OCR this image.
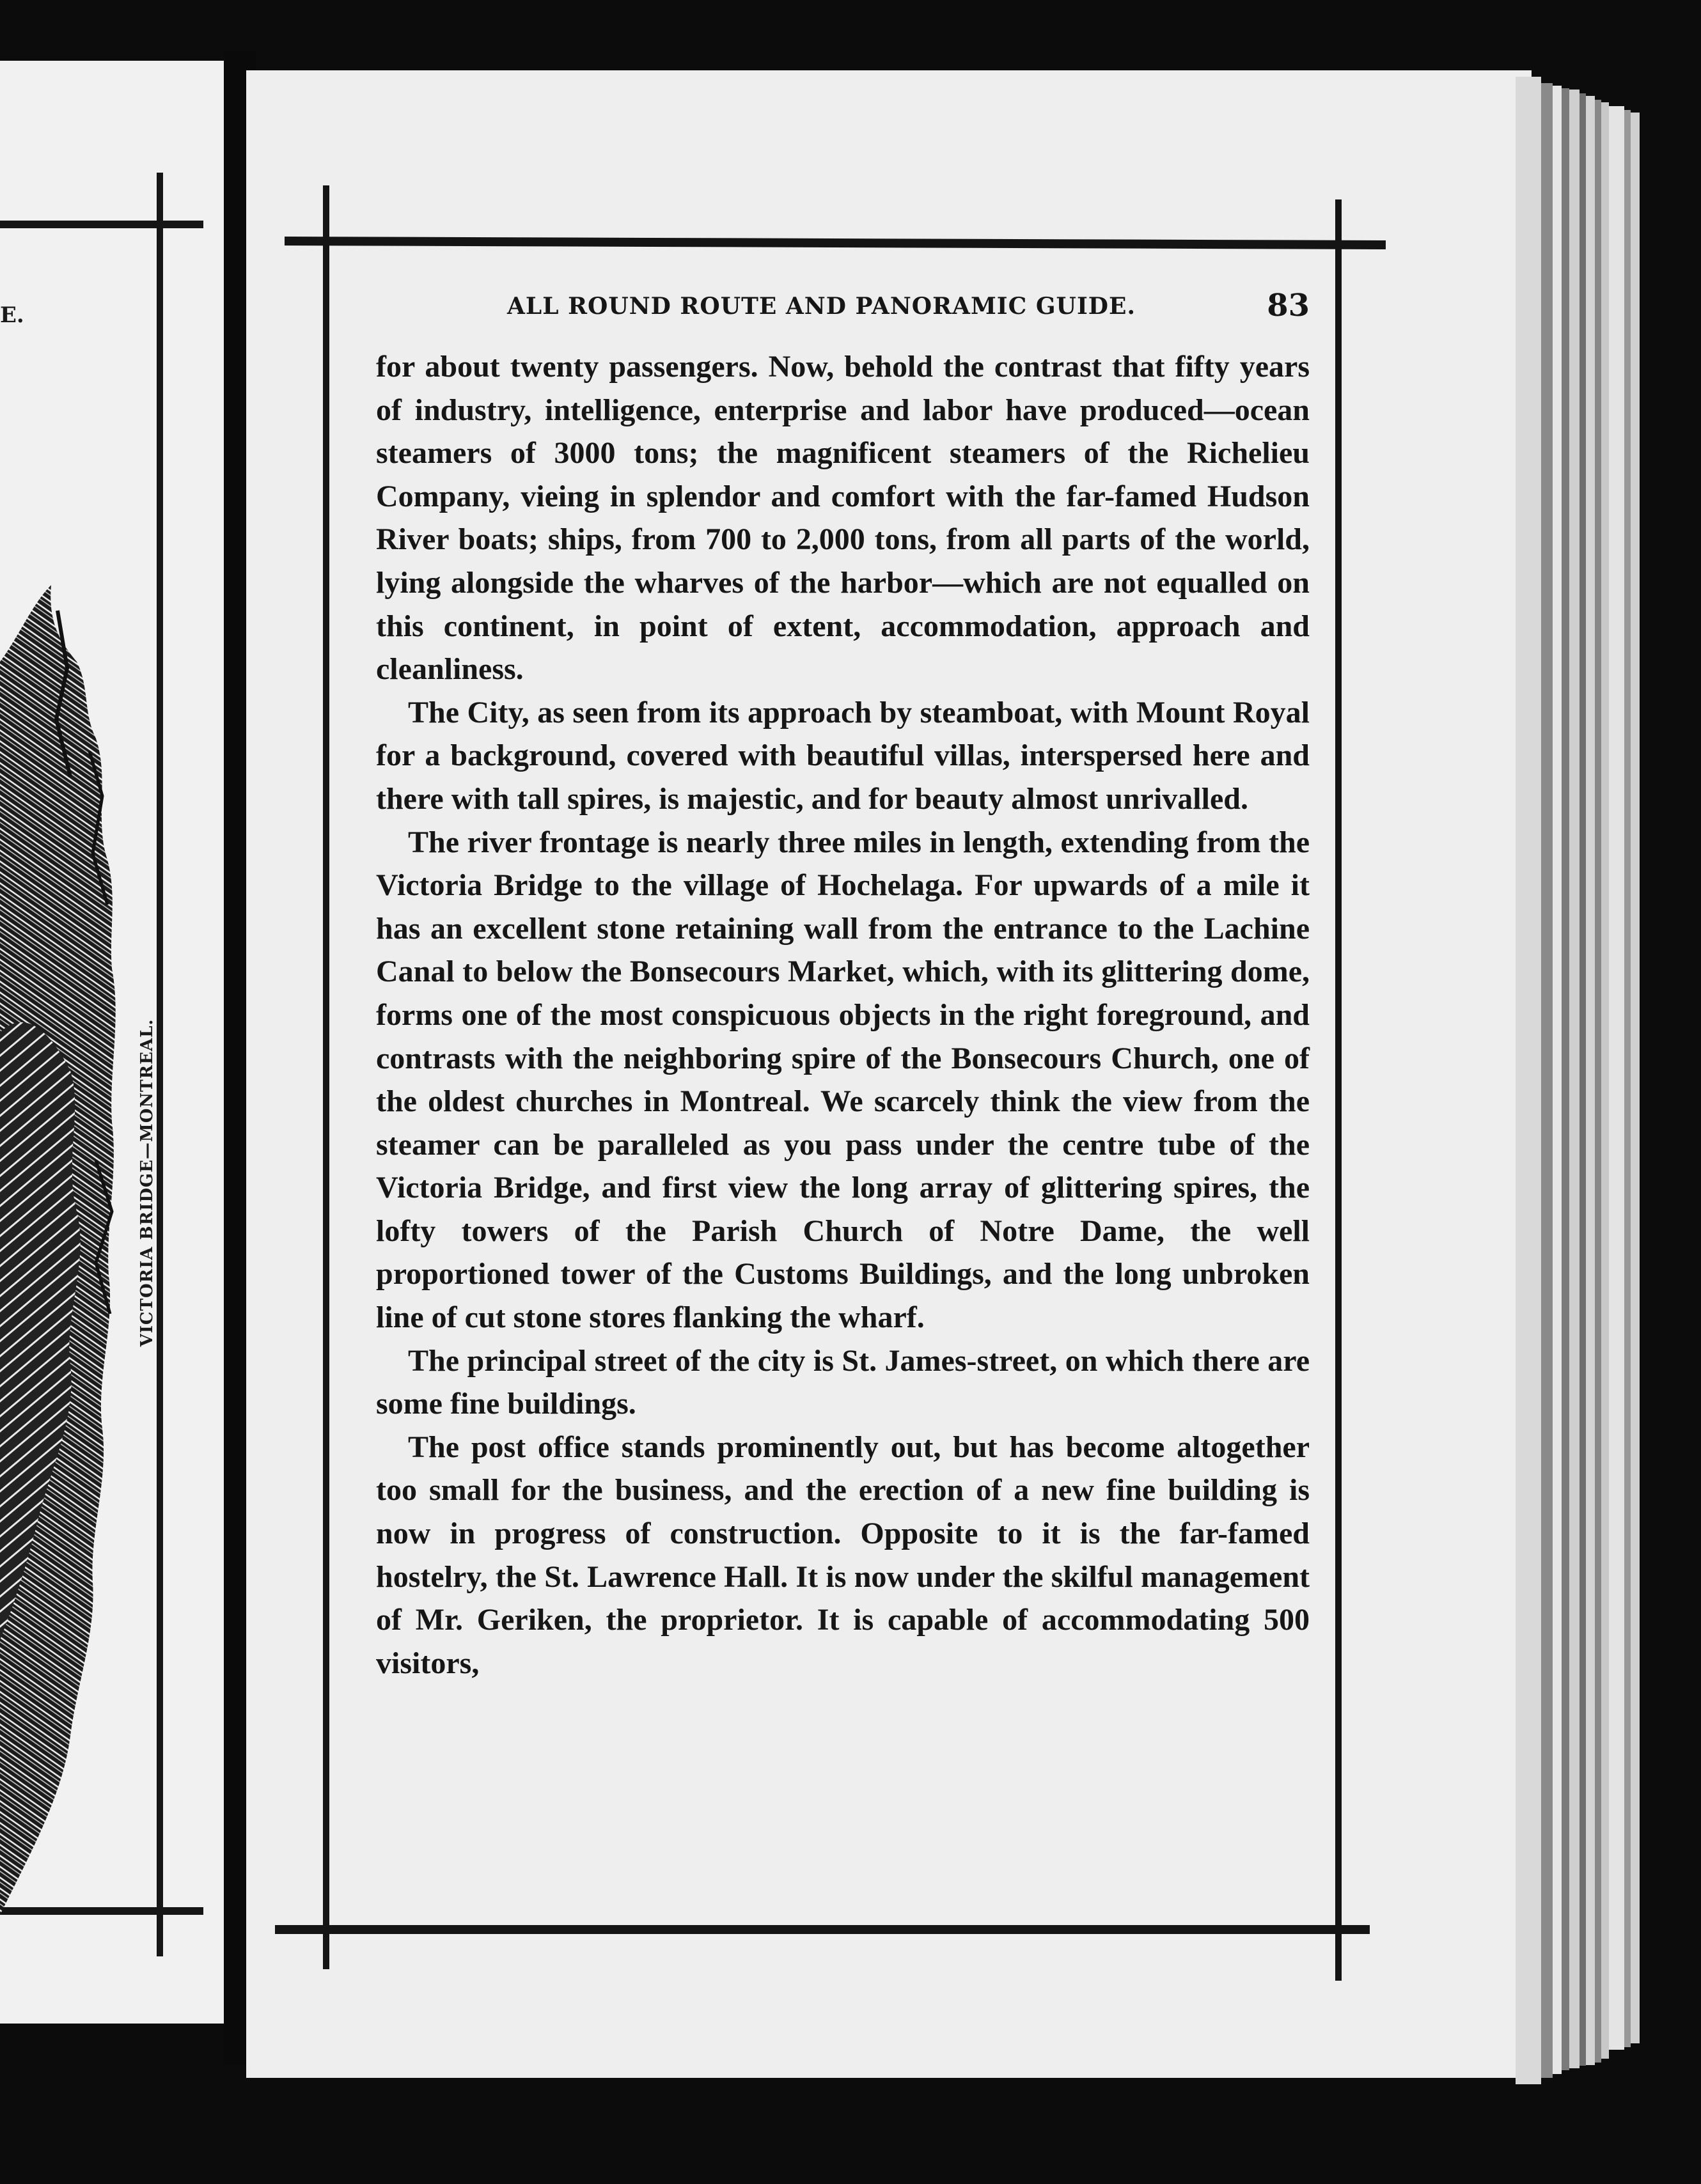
E.
VICTORIA BRIDGE—MONTREAL.
ALL ROUND ROUTE AND PANORAMIC GUIDE.	83

for about twenty passengers. Now, behold the contrast that fifty years of industry, intelligence, enterprise and labor have produced—ocean steamers of 3000 tons; the magnificent steamers of the Richelieu Company, vieing in splendor and comfort with the far-famed Hudson River boats; ships, from 700 to 2,000 tons, from all parts of the world, lying alongside the wharves of the harbor—which are not equalled on this continent, in point of extent, accommodation, approach and cleanliness.

The City, as seen from its approach by steamboat, with Mount Royal for a background, covered with beautiful villas, interspersed here and there with tall spires, is majestic, and for beauty almost unrivalled.

The river frontage is nearly three miles in length, extending from the Victoria Bridge to the village of Hochelaga. For upwards of a mile it has an excellent stone retaining wall from the entrance to the Lachine Canal to below the Bonsecours Market, which, with its glittering dome, forms one of the most conspicuous objects in the right foreground, and contrasts with the neighboring spire of the Bonsecours Church, one of the oldest churches in Montreal. We scarcely think the view from the steamer can be paralleled as you pass under the centre tube of the Victoria Bridge, and first view the long array of glittering spires, the lofty towers of the Parish Church of Notre Dame, the well proportioned tower of the Customs Buildings, and the long unbroken line of cut stone stores flanking the wharf.

The principal street of the city is St. James-street, on which there are some fine buildings.

The post office stands prominently out, but has become altogether too small for the business, and the erection of a new fine building is now in progress of construction. Opposite to it is the far-famed hostelry, the St. Lawrence Hall. It is now under the skilful management of Mr. Geriken, the proprietor. It is capable of accommodating 500 visitors,
